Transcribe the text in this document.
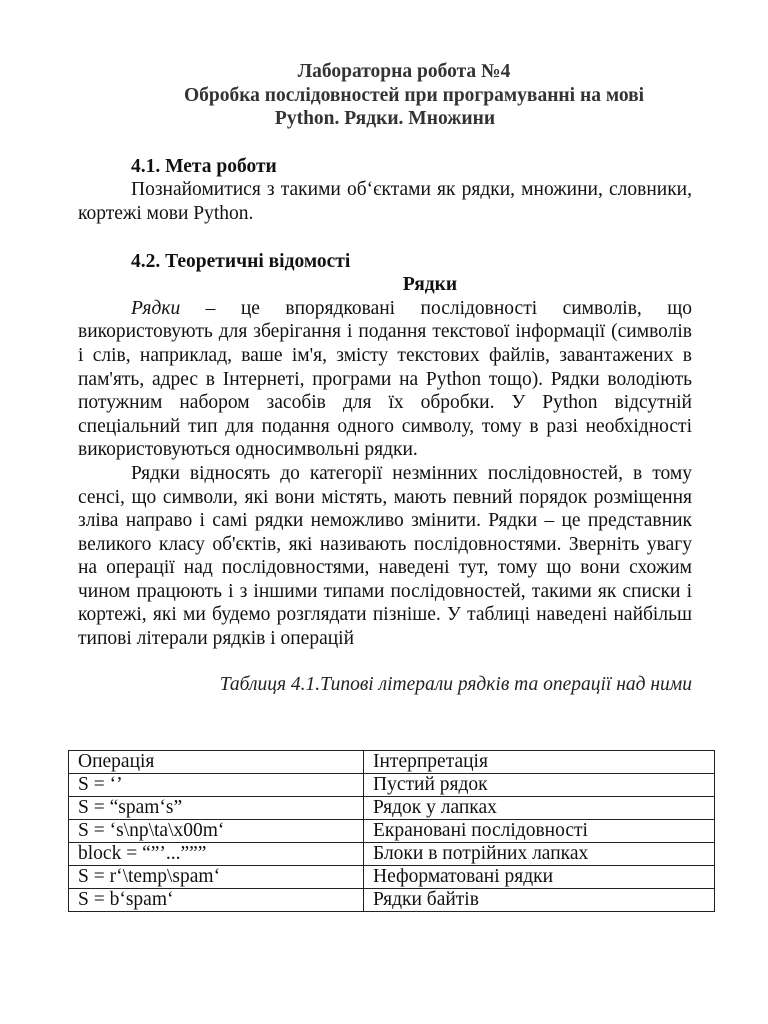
Лабораторна робота №4
Обробка послідовностей при програмуванні на мові
Python. Рядки. Множини
4.1. Мета роботи

Познайомитися з такими об‘єктами як рядки, множини, словники, кортежі мови Python.

4.2. Теоретичні відомості
Рядки

Рядки – це впорядковані послідовності символів, що використовують для зберігання і подання текстової інформації (символів і слів, наприклад, ваше ім'я, змісту текстових файлів, завантажених в пам'ять, адрес в Інтернеті, програми на Python тощо). Рядки володіють потужним набором засобів для їх обробки. У Python відсутній спеціальний тип для подання одного символу, тому в разі необхідності використовуються односимвольні рядки.

Рядки відносять до категорії незмінних послідовностей, в тому сенсі, що символи, які вони містять, мають певний порядок розміщення зліва направо і самі рядки неможливо змінити. Рядки – це представник великого класу об'єктів, які називають послідовностями. Зверніть увагу на операції над послідовностями, наведені тут, тому що вони схожим чином працюють і з іншими типами послідовностей, такими як списки і кортежі, які ми будемо розглядати пізніше. У таблиці наведені найбільш типові літерали рядків і операцій

Таблиця 4.1.Типові літерали рядків та операції над ними
Операція	Інтерпретація
S = ‘’	Пустий рядок
S = “spam‘s”	Рядок у лапках
S = ‘s\np\ta\x00m‘	Екрановані послідовності
block = “”’...”””	Блоки в потрійних лапках
S = r‘\temp\spam‘	Неформатовані рядки
S = b‘spam‘	Рядки байтів
